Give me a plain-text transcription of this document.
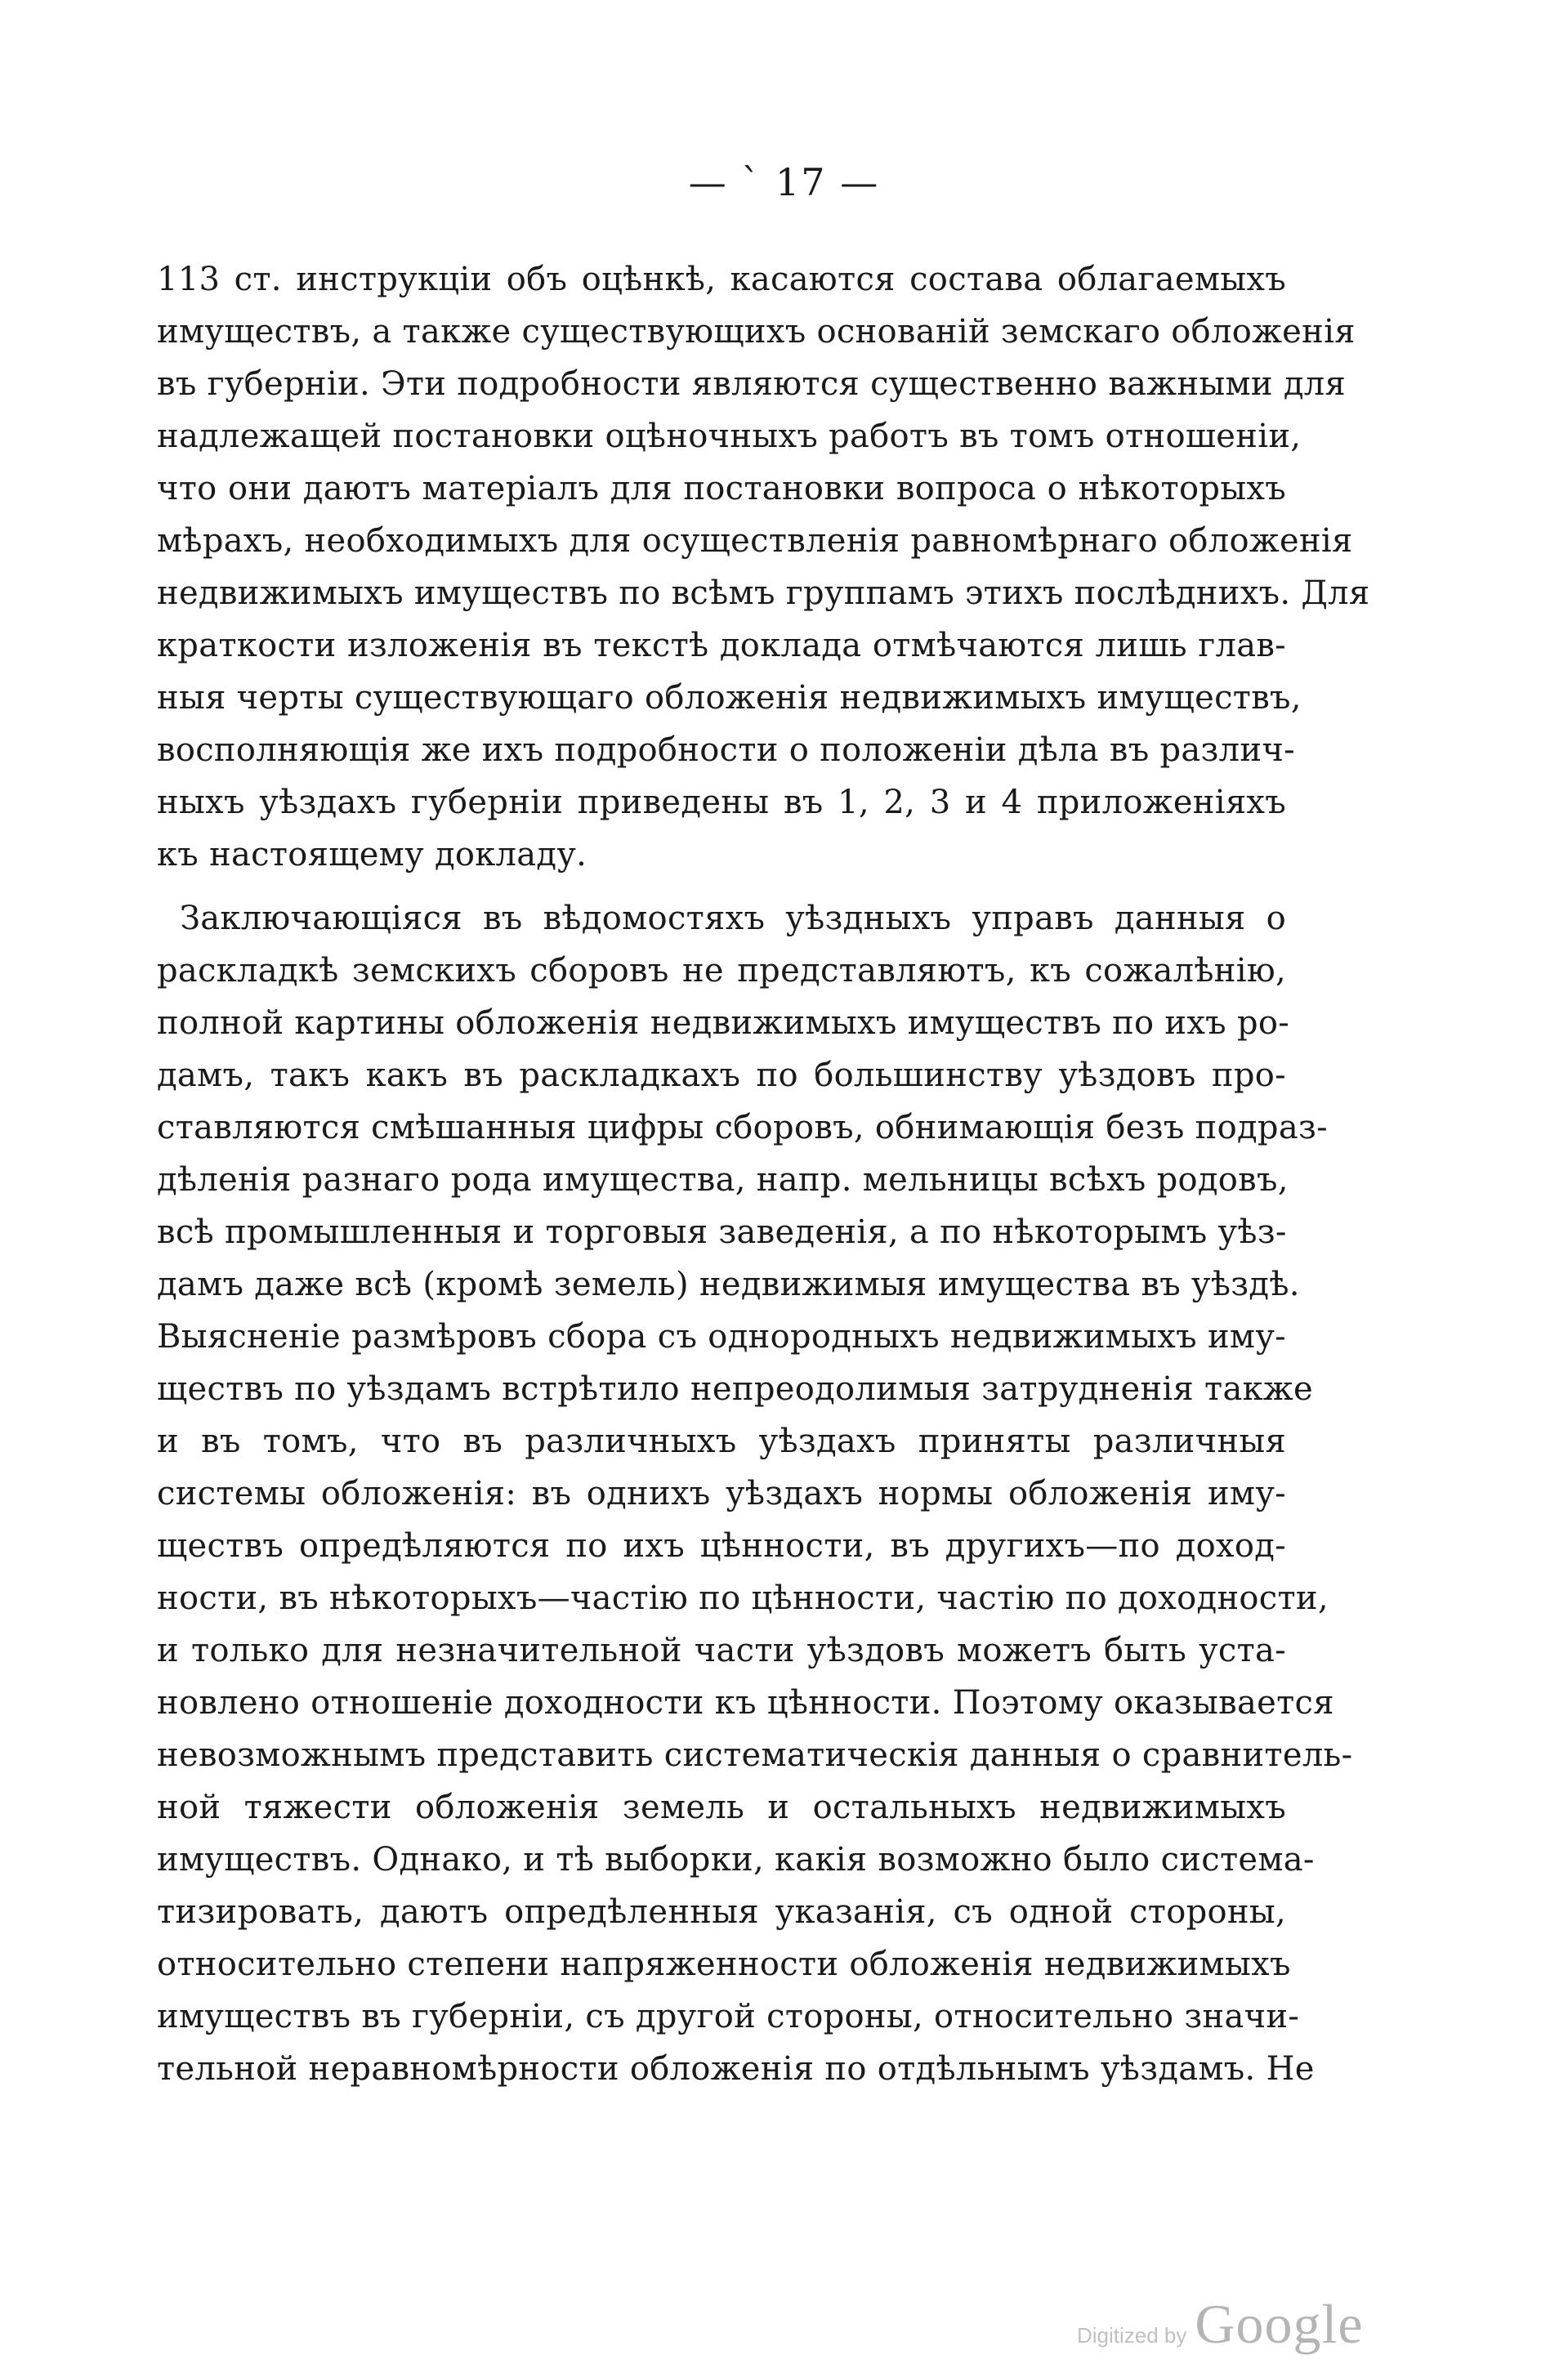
— ` 17 —
113 ст. инструкціи объ оцѣнкѣ, касаются состава облагаемыхъ
имуществъ, а также существующихъ основаній земскаго обложенія
въ губерніи. Эти подробности являются существенно важными для
надлежащей постановки оцѣночныхъ работъ въ томъ отношеніи,
что они даютъ матеріалъ для постановки вопроса о нѣкоторыхъ
мѣрахъ, необходимыхъ для осуществленія равномѣрнаго обложенія
недвижимыхъ имуществъ по всѣмъ группамъ этихъ послѣднихъ. Для
краткости изложенія въ текстѣ доклада отмѣчаются лишь глав-
ныя черты существующаго обложенія недвижимыхъ имуществъ,
восполняющія же ихъ подробности о положеніи дѣла въ различ-
ныхъ уѣздахъ губерніи приведены въ 1, 2, 3 и 4 приложеніяхъ
къ настоящему докладу.
Заключающіяся въ вѣдомостяхъ уѣздныхъ управъ данныя о
раскладкѣ земскихъ сборовъ не представляютъ, къ сожалѣнію,
полной картины обложенія недвижимыхъ имуществъ по ихъ ро-
дамъ, такъ какъ въ раскладкахъ по большинству уѣздовъ про-
ставляются смѣшанныя цифры сборовъ, обнимающія безъ подраз-
дѣленія разнаго рода имущества, напр. мельницы всѣхъ родовъ,
всѣ промышленныя и торговыя заведенія, а по нѣкоторымъ уѣз-
дамъ даже всѣ (кромѣ земель) недвижимыя имущества въ уѣздѣ.
Выясненіе размѣровъ сбора съ однородныхъ недвижимыхъ иму-
ществъ по уѣздамъ встрѣтило непреодолимыя затрудненія также
и въ томъ, что въ различныхъ уѣздахъ приняты различныя
системы обложенія: въ однихъ уѣздахъ нормы обложенія иму-
ществъ опредѣляются по ихъ цѣнности, въ другихъ—по доход-
ности, въ нѣкоторыхъ—частію по цѣнности, частію по доходности,
и только для незначительной части уѣздовъ можетъ быть уста-
новлено отношеніе доходности къ цѣнности. Поэтому оказывается
невозможнымъ представить систематическія данныя о сравнитель-
ной тяжести обложенія земель и остальныхъ недвижимыхъ
имуществъ. Однако, и тѣ выборки, какія возможно было система-
тизировать, даютъ опредѣленныя указанія, съ одной стороны,
относительно степени напряженности обложенія недвижимыхъ
имуществъ въ губерніи, съ другой стороны, относительно значи-
тельной неравномѣрности обложенія по отдѣльнымъ уѣздамъ. Не
Digitized by Google
